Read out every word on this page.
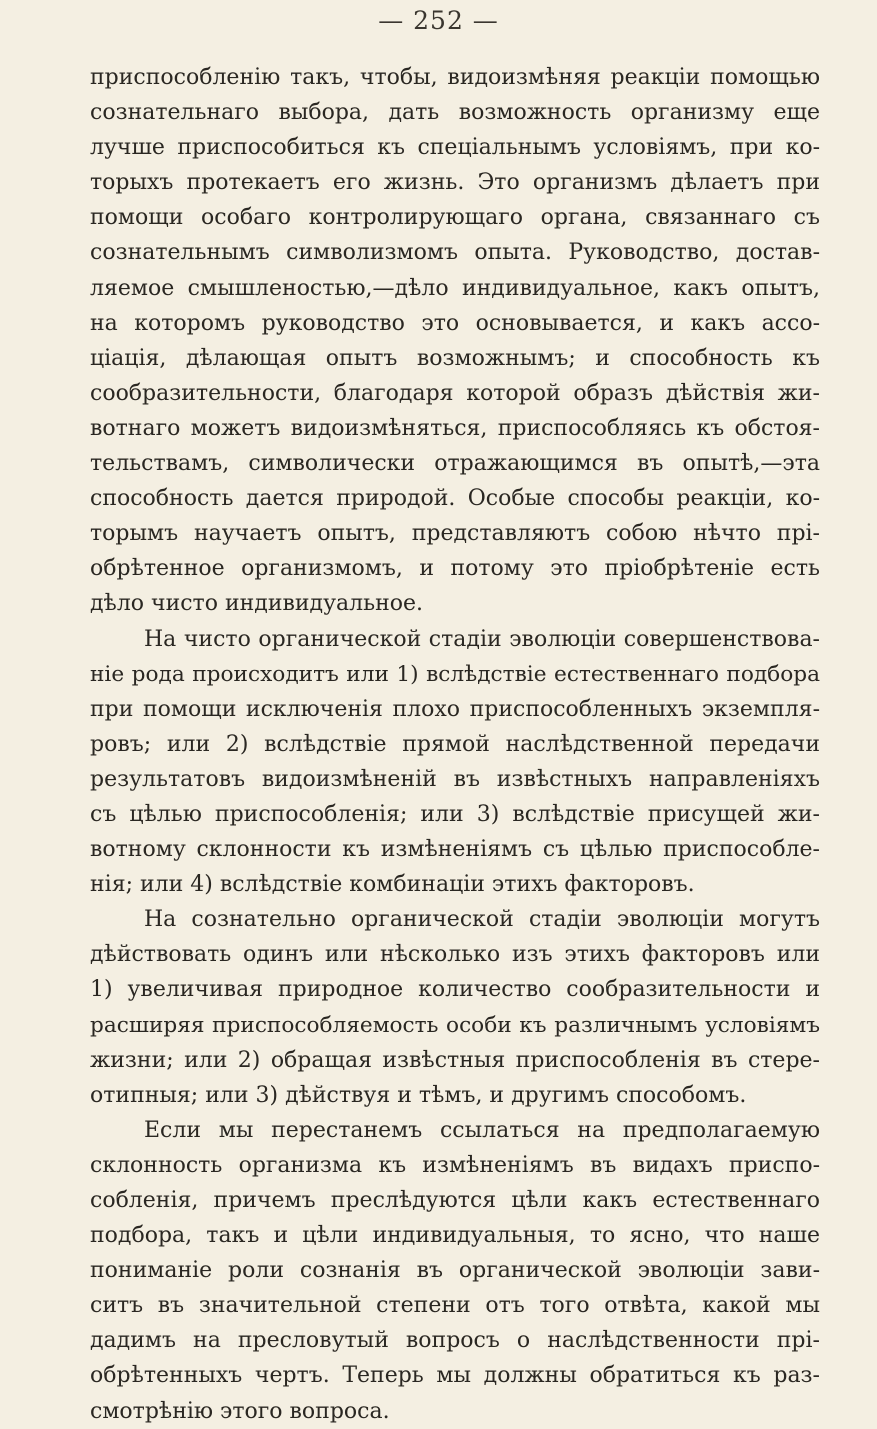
— 252 —
приспособленію такъ, чтобы, видоизмѣняя реакціи помощью
сознательнаго выбора, дать возможность организму еще
лучше приспособиться къ спеціальнымъ условіямъ, при ко-
торыхъ протекаетъ его жизнь. Это организмъ дѣлаетъ при
помощи особаго контролирующаго органа, связаннаго съ
сознательнымъ символизмомъ опыта. Руководство, достав-
ляемое смышленостью,—дѣло индивидуальное, какъ опытъ,
на которомъ руководство это основывается, и какъ ассо-
ціація, дѣлающая опытъ возможнымъ; и способность къ
сообразительности, благодаря которой образъ дѣйствія жи-
вотнаго можетъ видоизмѣняться, приспособляясь къ обстоя-
тельствамъ, символически отражающимся въ опытѣ,—эта
способность дается природой. Особые способы реакціи, ко-
торымъ научаетъ опытъ, представляютъ собою нѣчто прі-
обрѣтенное организмомъ, и потому это пріобрѣтеніе есть
дѣло чисто индивидуальное.
На чисто органической стадіи эволюціи совершенствова-
ніе рода происходитъ или 1) вслѣдствіе естественнаго подбора
при помощи исключенія плохо приспособленныхъ экземпля-
ровъ; или 2) вслѣдствіе прямой наслѣдственной передачи
результатовъ видоизмѣненій въ извѣстныхъ направленіяхъ
съ цѣлью приспособленія; или 3) вслѣдствіе присущей жи-
вотному склонности къ измѣненіямъ съ цѣлью приспособле-
нія; или 4) вслѣдствіе комбинаціи этихъ факторовъ.
На сознательно органической стадіи эволюціи могутъ
дѣйствовать одинъ или нѣсколько изъ этихъ факторовъ или
1) увеличивая природное количество сообразительности и
расширяя приспособляемость особи къ различнымъ условіямъ
жизни; или 2) обращая извѣстныя приспособленія въ стере-
отипныя; или 3) дѣйствуя и тѣмъ, и другимъ способомъ.
Если мы перестанемъ ссылаться на предполагаемую
склонность организма къ измѣненіямъ въ видахъ приспо-
собленія, причемъ преслѣдуются цѣли какъ естественнаго
подбора, такъ и цѣли индивидуальныя, то ясно, что наше
пониманіе роли сознанія въ органической эволюціи зави-
ситъ въ значительной степени отъ того отвѣта, какой мы
дадимъ на пресловутый вопросъ о наслѣдственности прі-
обрѣтенныхъ чертъ. Теперь мы должны обратиться къ раз-
смотрѣнію этого вопроса.
